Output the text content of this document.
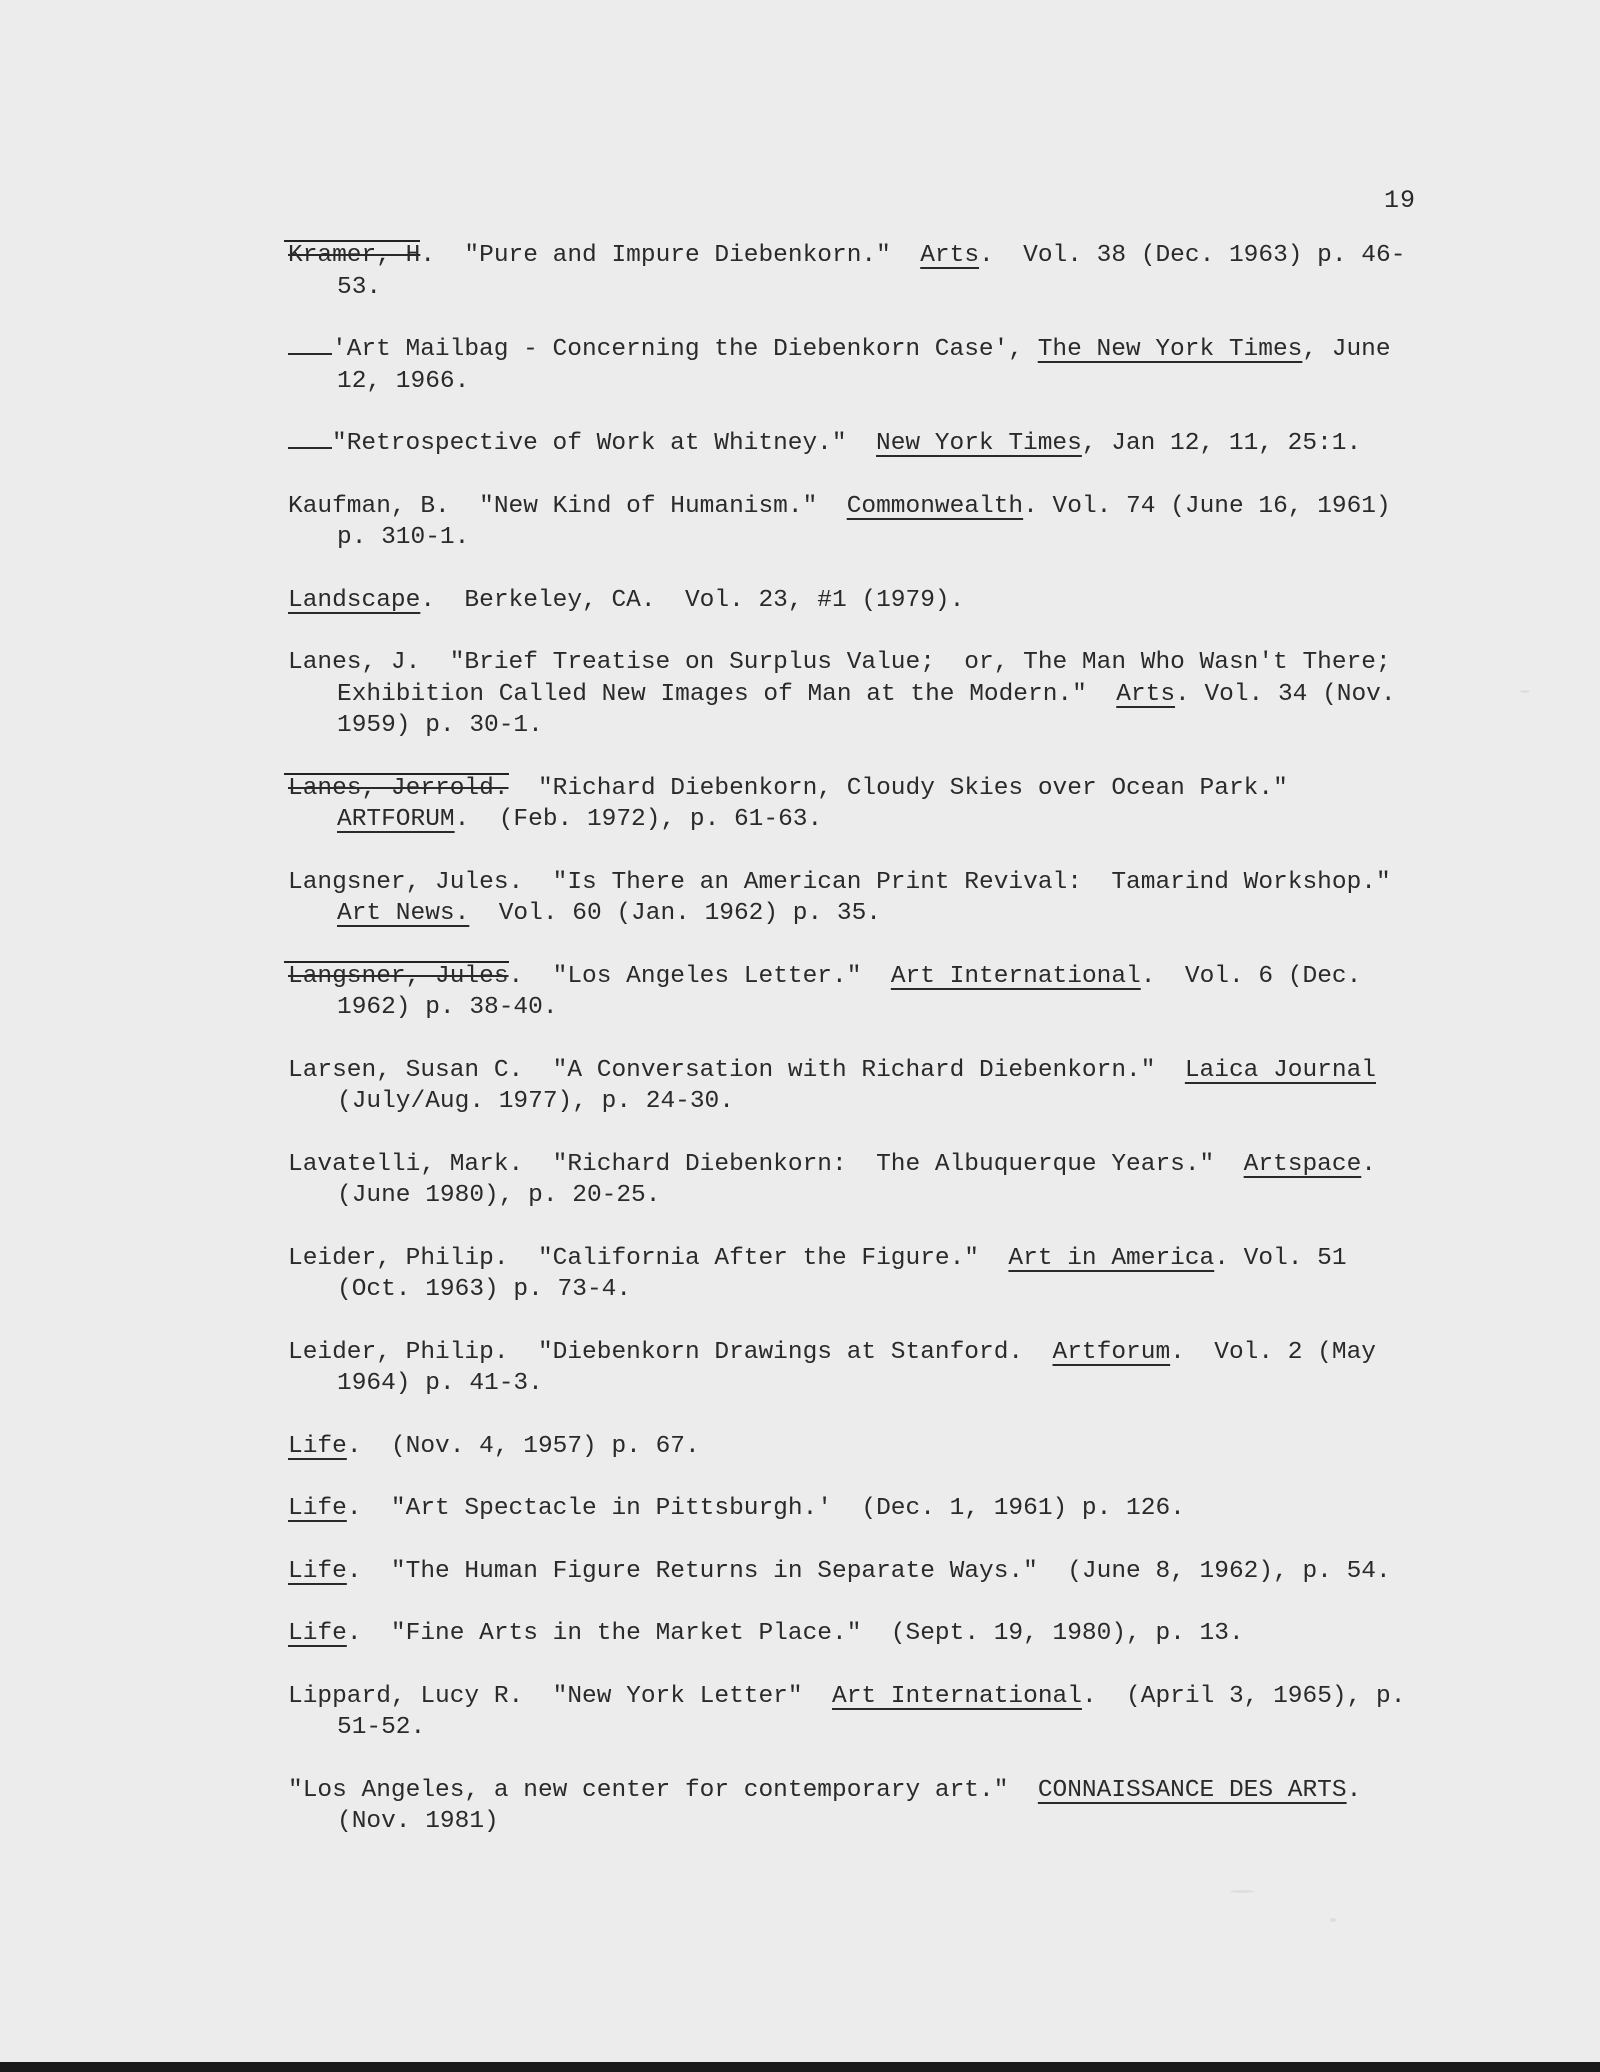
19
Kramer, H
.  "Pure and Impure Diebenkorn."  Arts.  Vol. 38 (Dec. 1963) p. 46-53.
'Art Mailbag - Concerning the Diebenkorn Case', The New York Times, June 12, 1966.
"Retrospective of Work at Whitney."  New York Times, Jan 12, 11, 25:1.
Kaufman, B.  "New Kind of Humanism."  Commonwealth. Vol. 74 (June 16, 1961) p. 310-1.
Landscape.  Berkeley, CA.  Vol. 23, #1 (1979).
Lanes, J.  "Brief Treatise on Surplus Value;  or, The Man Who Wasn't There;  Exhibition Called New Images of Man at the Modern."  Arts. Vol. 34 (Nov. 1959) p. 30-1.
Lanes, Jerrold.
"Richard Diebenkorn, Cloudy Skies over Ocean Park."  ARTFORUM.  (Feb. 1972), p. 61-63.
Langsner, Jules.  "Is There an American Print Revival:  Tamarind Workshop."  Art News.  Vol. 60 (Jan. 1962) p. 35.
Langsner, Jules
.  "Los Angeles Letter."  Art International.  Vol. 6 (Dec. 1962) p. 38-40.
Larsen, Susan C.  "A Conversation with Richard Diebenkorn."  Laica Journal (July/Aug. 1977), p. 24-30.
Lavatelli, Mark.  "Richard Diebenkorn:  The Albuquerque Years."  Artspace.  (June 1980), p. 20-25.
Leider, Philip.  "California After the Figure."  Art in America. Vol. 51 (Oct. 1963) p. 73-4.
Leider, Philip.  "Diebenkorn Drawings at Stanford.  Artforum.  Vol. 2 (May 1964) p. 41-3.
Life.  (Nov. 4, 1957) p. 67.
Life.  "Art Spectacle in Pittsburgh.'  (Dec. 1, 1961) p. 126.
Life.  "The Human Figure Returns in Separate Ways."  (June 8, 1962), p. 54.
Life.  "Fine Arts in the Market Place."  (Sept. 19, 1980), p. 13.
Lippard, Lucy R.  "New York Letter"  Art International.  (April 3, 1965), p. 51-52.
"Los Angeles, a new center for contemporary art."  CONNAISSANCE DES ARTS.  (Nov. 1981)
